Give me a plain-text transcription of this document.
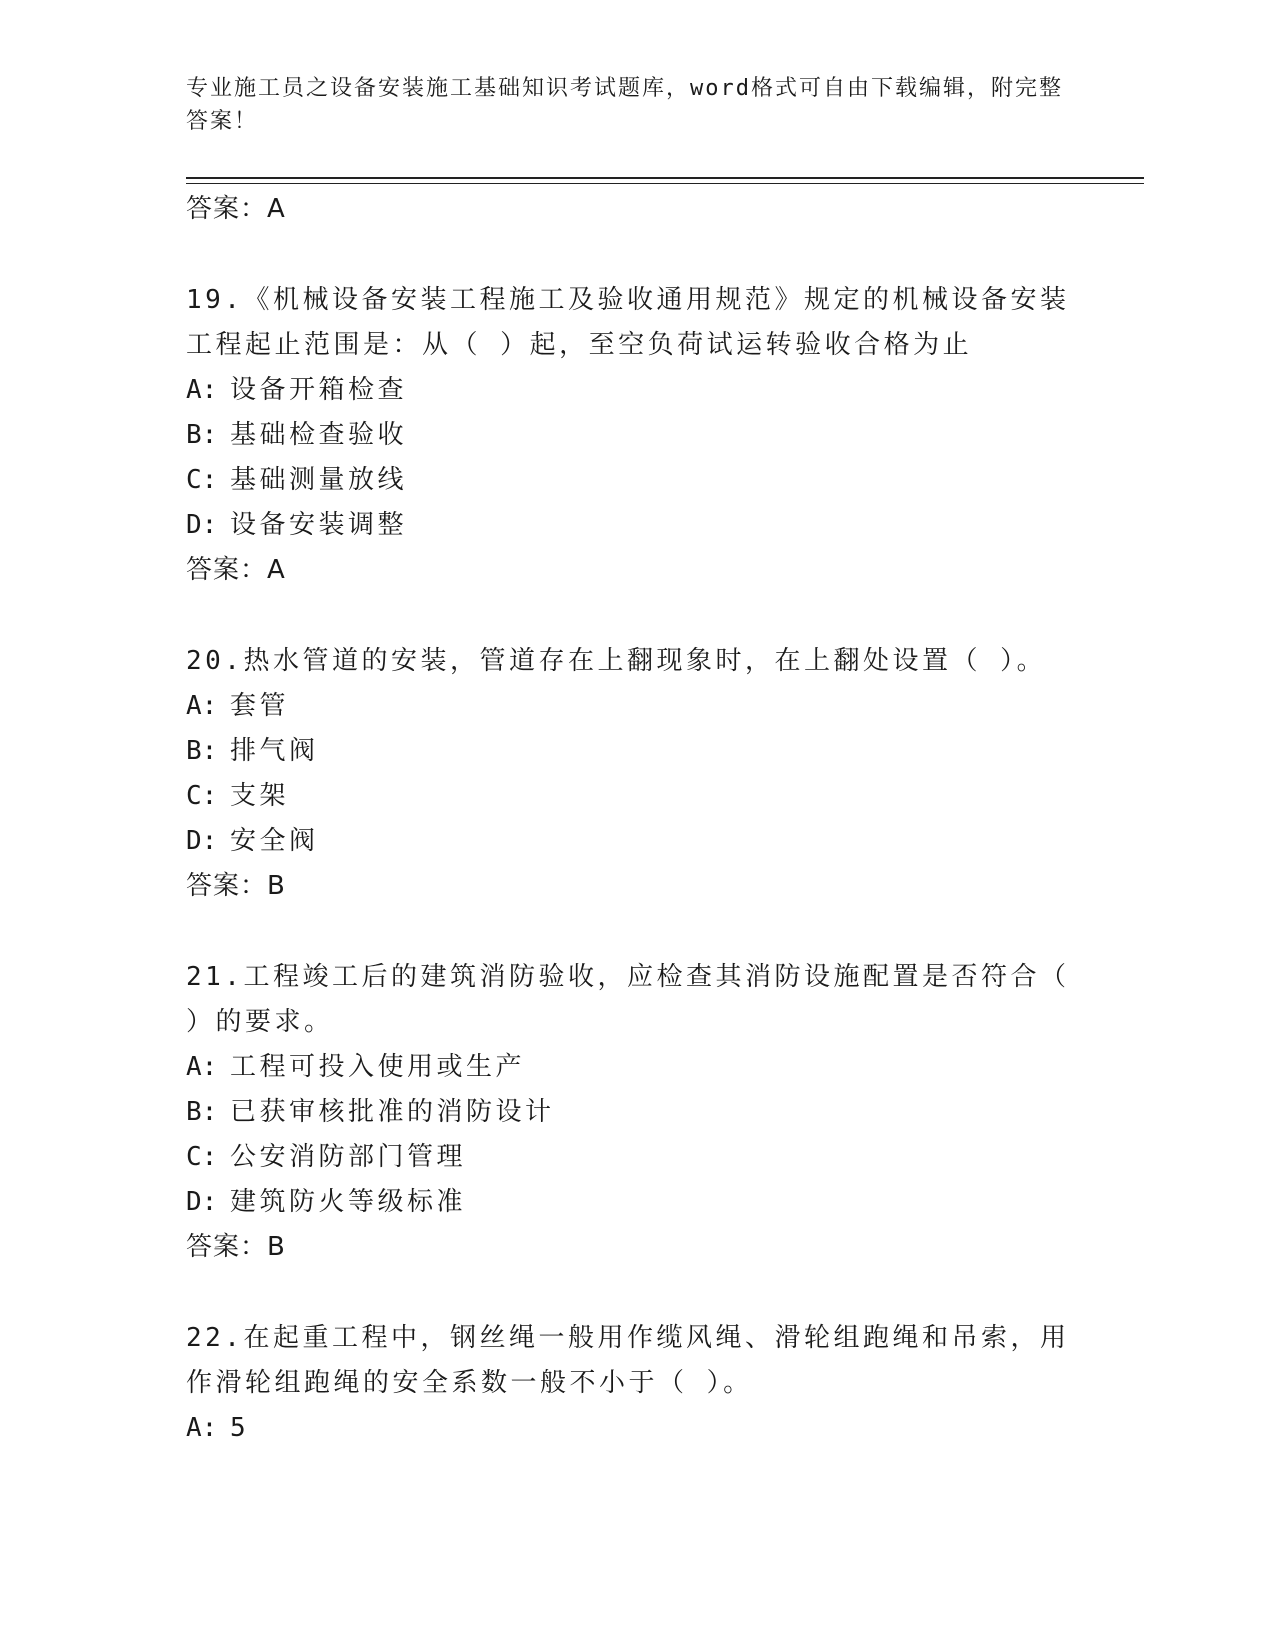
专业施工员之设备安装施工基础知识考试题库，word格式可自由下载编辑，附完整答案！
答案：A
19.《机械设备安装工程施工及验收通用规范》规定的机械设备安装工程起止范围是：从（ ）起，至空负荷试运转验收合格为止
A: 设备开箱检查
B: 基础检查验收
C: 基础测量放线
D: 设备安装调整
答案：A
20.热水管道的安装，管道存在上翻现象时，在上翻处设置（ ）。
A: 套管
B: 排气阀
C: 支架
D: 安全阀
答案：B
21.工程竣工后的建筑消防验收，应检查其消防设施配置是否符合（ ）的要求。
A: 工程可投入使用或生产
B: 已获审核批准的消防设计
C: 公安消防部门管理
D: 建筑防火等级标准
答案：B
22.在起重工程中，钢丝绳一般用作缆风绳、滑轮组跑绳和吊索，用作滑轮组跑绳的安全系数一般不小于（ ）。
A: 5
